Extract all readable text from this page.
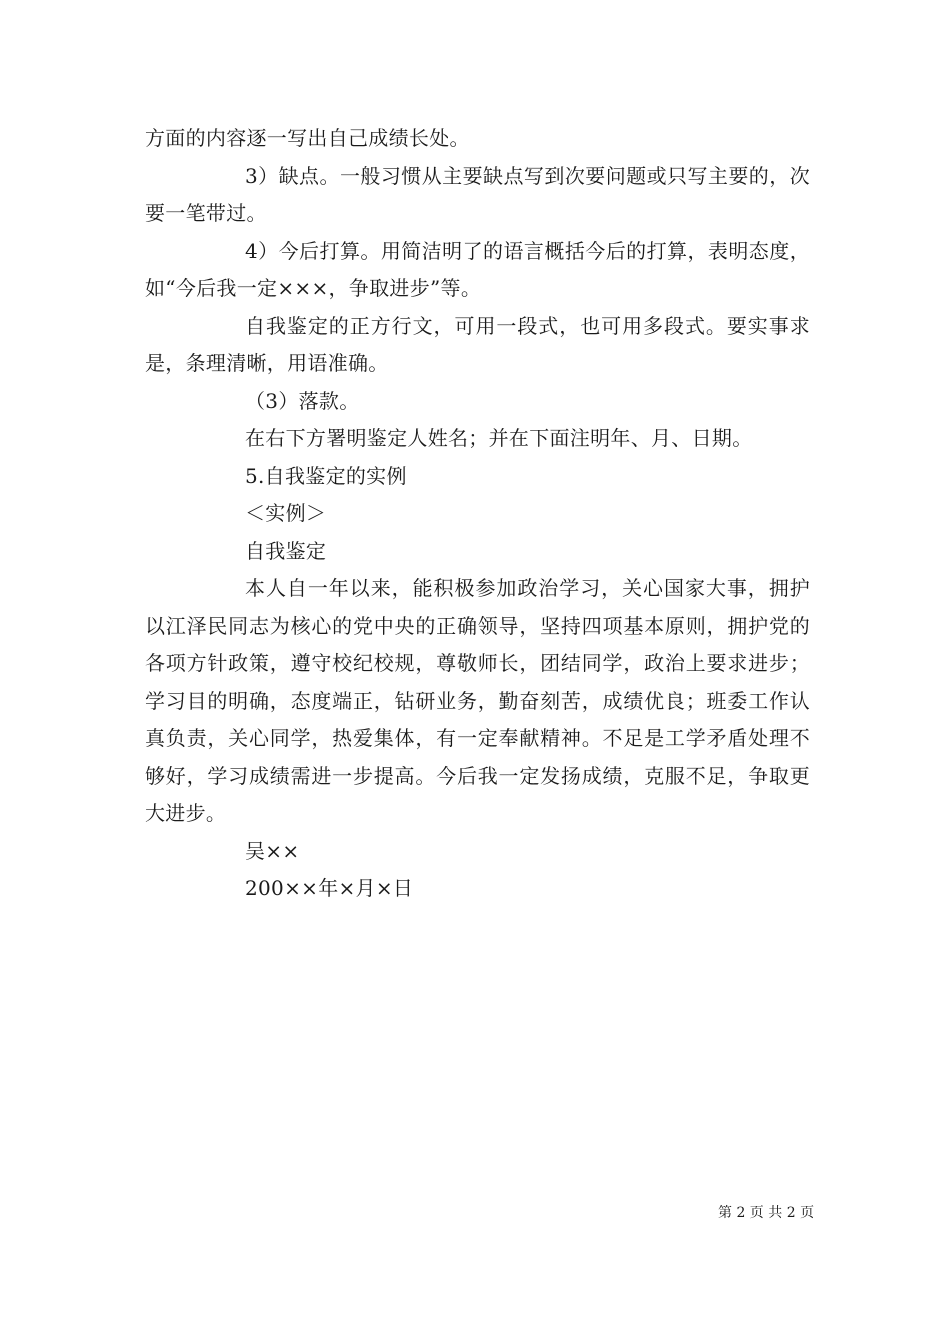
方面的内容逐一写出自己成绩长处。

3）缺点。一般习惯从主要缺点写到次要问题或只写主要的，次要一笔带过。

4）今后打算。用简洁明了的语言概括今后的打算，表明态度，如“今后我一定×××，争取进步”等。

自我鉴定的正方行文，可用一段式，也可用多段式。要实事求是，条理清晰，用语准确。

（3）落款。

在右下方署明鉴定人姓名；并在下面注明年、月、日期。

5.自我鉴定的实例

＜实例＞

自我鉴定

本人自一年以来，能积极参加政治学习，关心国家大事，拥护以江泽民同志为核心的党中央的正确领导，坚持四项基本原则，拥护党的各项方针政策，遵守校纪校规，尊敬师长，团结同学，政治上要求进步；学习目的明确，态度端正，钻研业务，勤奋刻苦，成绩优良；班委工作认真负责，关心同学，热爱集体，有一定奉献精神。不足是工学矛盾处理不够好，学习成绩需进一步提高。今后我一定发扬成绩，克服不足，争取更大进步。

吴××

200××年×月×日

第 2 页 共 2 页
